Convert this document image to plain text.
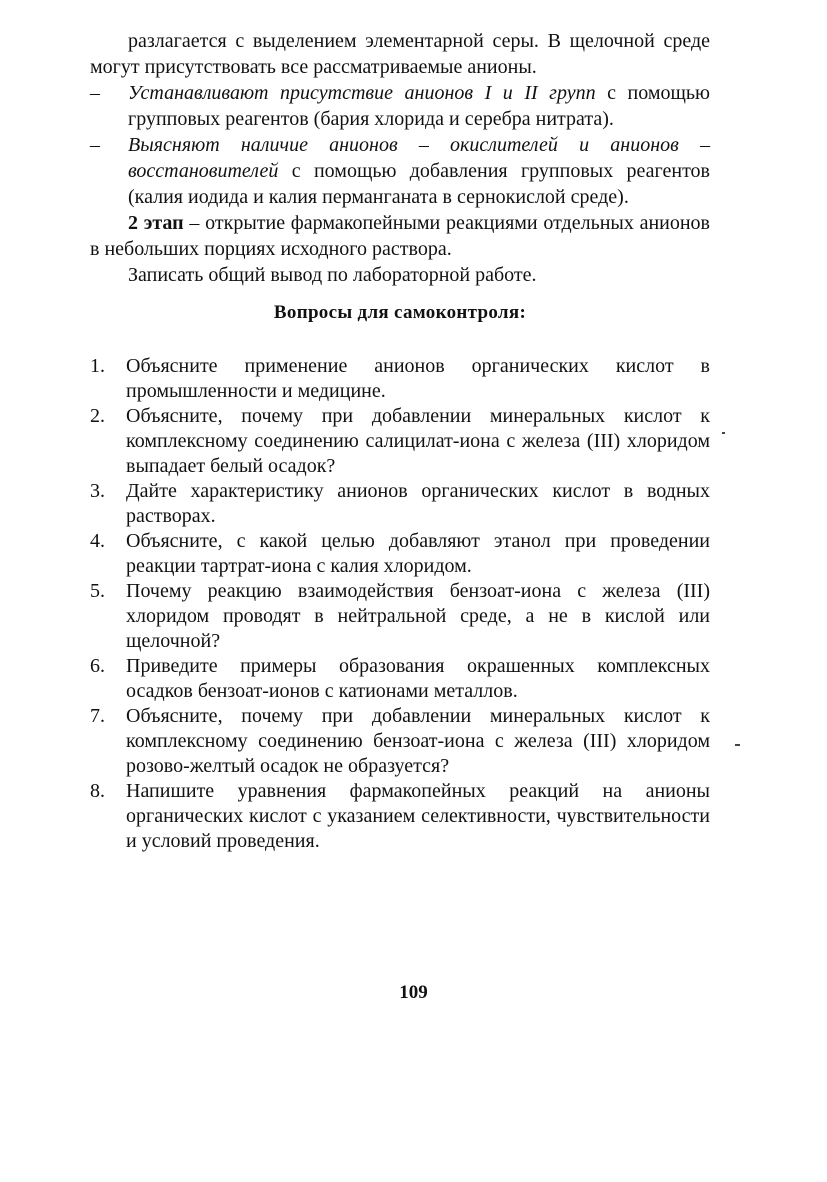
разлагается с выделением элементарной серы. В щелочной среде могут присутствовать все рассматриваемые анионы.

– Устанавливают присутствие анионов I и II групп с помощью групповых реагентов (бария хлорида и серебра нитрата).

– Выясняют наличие анионов – окислителей и анионов – восстановителей с помощью добавления групповых реагентов (калия иодида и калия перманганата в сернокислой среде).

2 этап – открытие фармакопейными реакциями отдельных анионов в небольших порциях исходного раствора.

Записать общий вывод по лабораторной работе.

Вопросы для самоконтроля:
1. Объясните применение анионов органических кислот в промышленности и медицине.
2. Объясните, почему при добавлении минеральных кислот к комплексному соединению салицилат-иона с железа (III) хлоридом выпадает белый осадок?
3. Дайте характеристику анионов органических кислот в водных растворах.
4. Объясните, с какой целью добавляют этанол при проведении реакции тартрат-иона с калия хлоридом.
5. Почему реакцию взаимодействия бензоат-иона с железа (III) хлоридом проводят в нейтральной среде, а не в кислой или щелочной?
6. Приведите примеры образования окрашенных комплексных осадков бензоат-ионов с катионами металлов.
7. Объясните, почему при добавлении минеральных кислот к комплексному соединению бензоат-иона с железа (III) хлоридом розово-желтый осадок не образуется?
8. Напишите уравнения фармакопейных реакций на анионы органических кислот с указанием селективности, чувствительности и условий проведения.
109
